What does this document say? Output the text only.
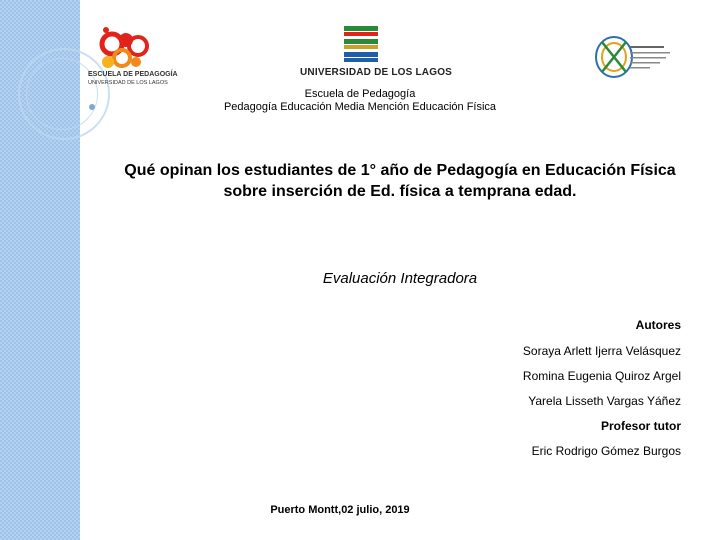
ESCUELA DE PEDAGOGÍA
UNIVERSIDAD DE LOS LAGOS
UNIVERSIDAD DE LOS LAGOS
Escuela de Pedagogía
Pedagogía Educación Media Mención Educación Física
Qué opinan los estudiantes de 1° año de Pedagogía en Educación Física
sobre inserción de Ed. física a temprana edad.
Evaluación Integradora
Autores
Soraya Arlett Ijerra Velásquez
Romina Eugenia Quiroz Argel
Yarela Lisseth Vargas Yáñez
Profesor tutor
Eric Rodrigo Gómez Burgos
Puerto Montt,02 julio, 2019
